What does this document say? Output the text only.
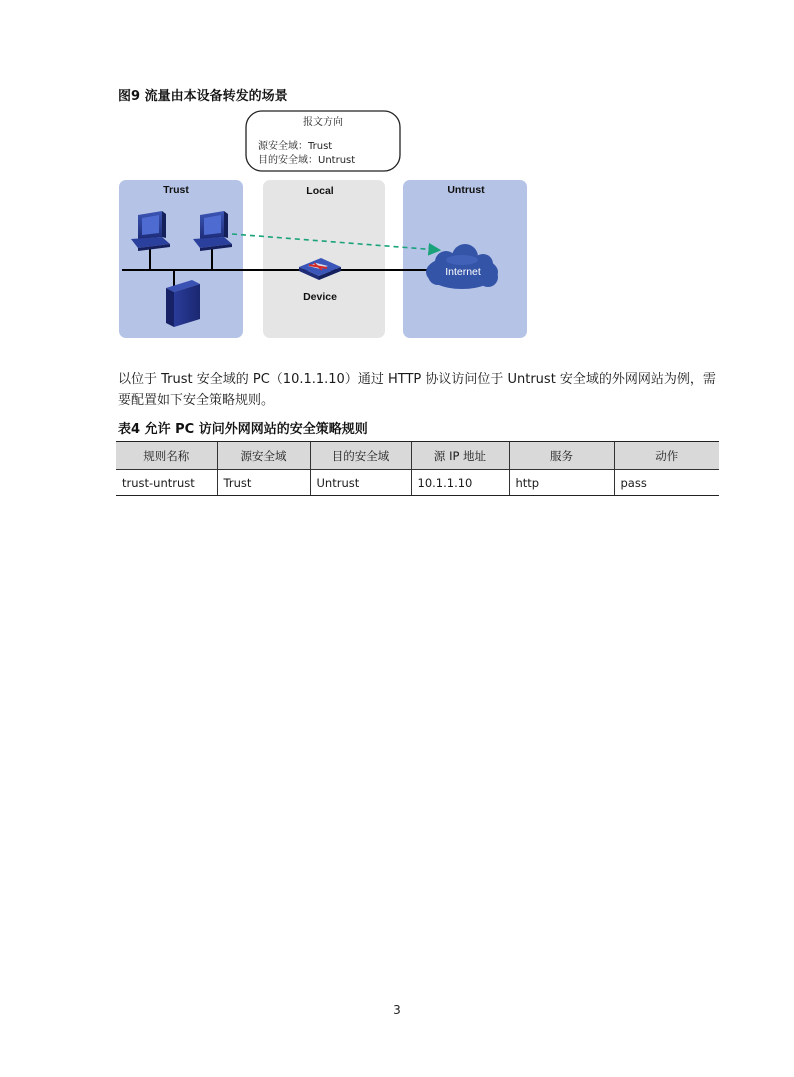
图9 流量由本设备转发的场景
Trust	Local	Untrust
报文方向
源安全域：Trust
目的安全域：Untrust
Device
Internet
以位于 Trust 安全域的 PC（10.1.1.10）通过 HTTP 协议访问位于 Untrust 安全域的外网网站为例，需要配置如下安全策略规则。
表4 允许 PC 访问外网网站的安全策略规则
规则名称	源安全域	目的安全域	源 IP 地址	服务	动作
trust-untrust	Trust	Untrust	10.1.1.10	http	pass
3
